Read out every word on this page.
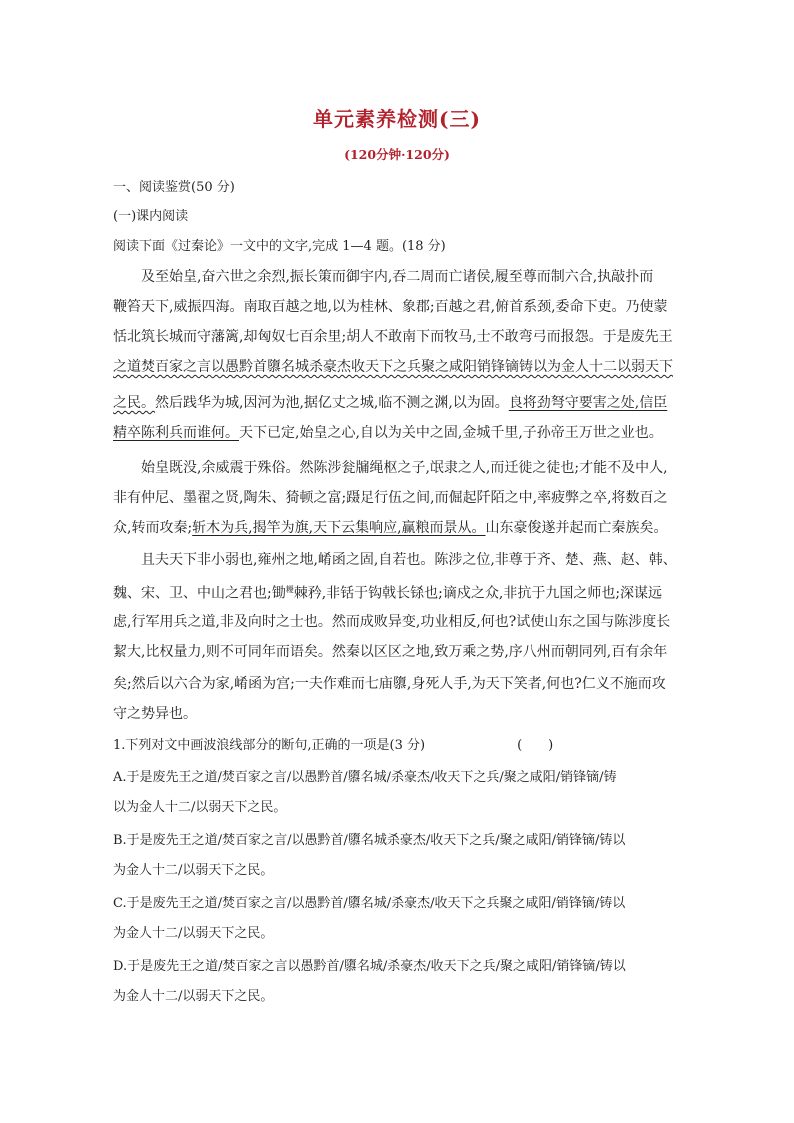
单元素养检测(三)
(120分钟·120分)
一、阅读鉴赏(50 分)
(一)课内阅读
阅读下面《过秦论》一文中的文字,完成 1—4 题。(18 分)
及至始皇,奋六世之余烈,振长策而御宇内,吞二周而亡诸侯,履至尊而制六合,执敲扑而
鞭笞天下,威振四海。南取百越之地,以为桂林、象郡;百越之君,俯首系颈,委命下吏。乃使蒙
恬北筑长城而守藩篱,却匈奴七百余里;胡人不敢南下而牧马,士不敢弯弓而报怨。于是废先王
之道焚百家之言以愚黔首隳名城杀豪杰收天下之兵聚之咸阳销锋镝铸以为金人十二以弱天下
之民。然后践华为城,因河为池,据亿丈之城,临不测之渊,以为固。良将劲弩守要害之处,信臣
精卒陈利兵而谁何。天下已定,始皇之心,自以为关中之固,金城千里,子孙帝王万世之业也。
始皇既没,余威震于殊俗。然陈涉瓮牖绳枢之子,氓隶之人,而迁徙之徒也;才能不及中人,
非有仲尼、墨翟之贤,陶朱、猗顿之富;蹑足行伍之间,而倔起阡陌之中,率疲弊之卒,将数百之
众,转而攻秦;斩木为兵,揭竿为旗,天下云集响应,赢粮而景从。山东豪俊遂并起而亡秦族矣。
且夫天下非小弱也,雍州之地,崤函之固,自若也。陈涉之位,非尊于齐、楚、燕、赵、韩、
魏、宋、卫、中山之君也;锄$^耰$棘矜,非铦于钩戟长铩也;谪戍之众,非抗于九国之师也;深谋远
虑,行军用兵之道,非及向时之士也。然而成败异变,功业相反,何也?试使山东之国与陈涉度长
絜大,比权量力,则不可同年而语矣。然秦以区区之地,致万乘之势,序八州而朝同列,百有余年
矣;然后以六合为家,崤函为宫;一夫作难而七庙隳,身死人手,为天下笑者,何也?仁义不施而攻
守之势异也。
1.下列对文中画波浪线部分的断句,正确的一项是(3 分)	(　　)
A.于是废先王之道/焚百家之言/以愚黔首/隳名城/杀豪杰/收天下之兵/聚之咸阳/销锋镝/铸
以为金人十二/以弱天下之民。
B.于是废先王之道/焚百家之言/以愚黔首/隳名城杀豪杰/收天下之兵/聚之咸阳/销锋镝/铸以
为金人十二/以弱天下之民。
C.于是废先王之道/焚百家之言/以愚黔首/隳名城/杀豪杰/收天下之兵聚之咸阳/销锋镝/铸以
为金人十二/以弱天下之民。
D.于是废先王之道/焚百家之言以愚黔首/隳名城/杀豪杰/收天下之兵/聚之咸阳/销锋镝/铸以
为金人十二/以弱天下之民。
